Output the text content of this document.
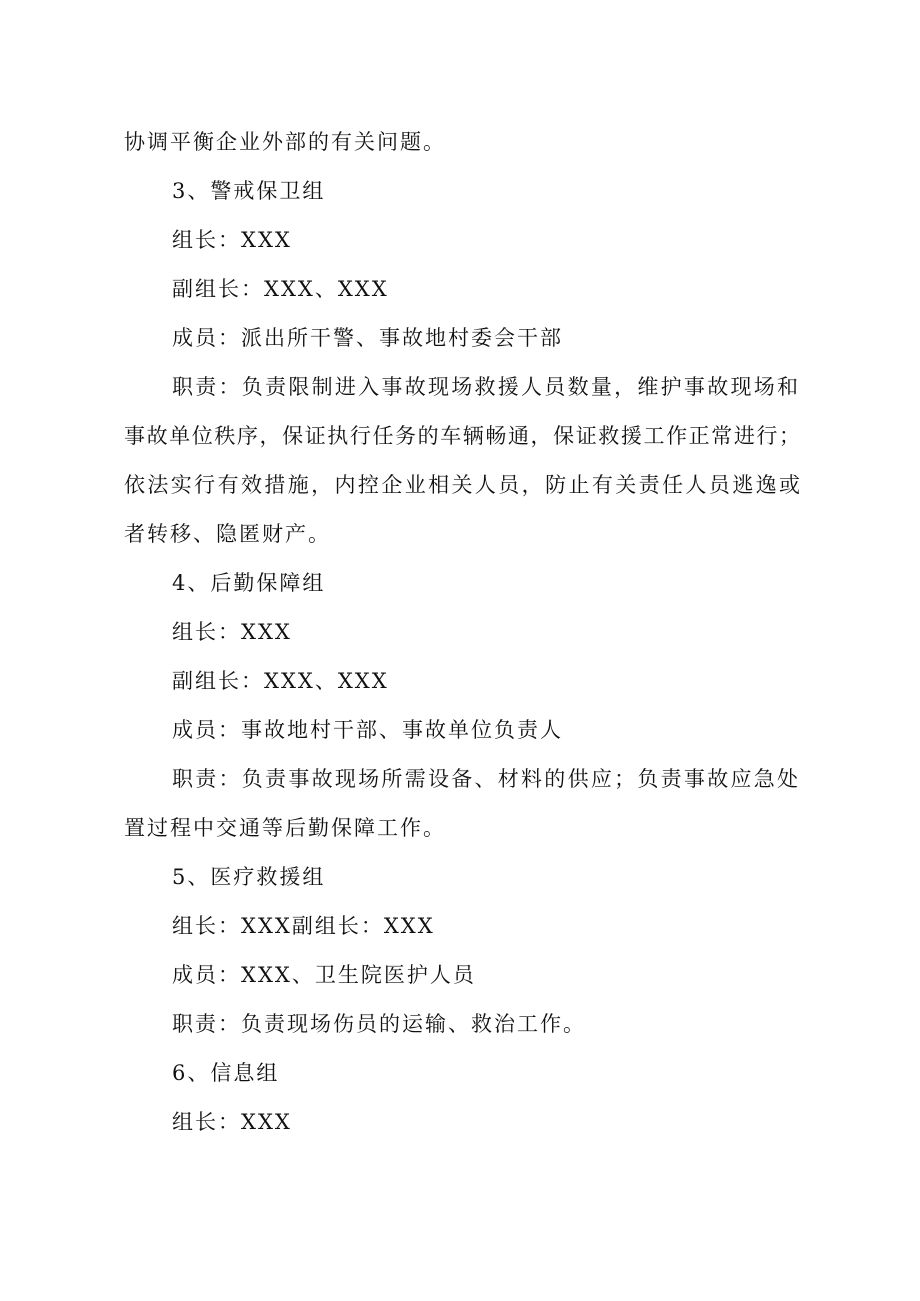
协调平衡企业外部的有关问题。
3、警戒保卫组
组长：XXX
副组长：XXX、XXX
成员：派出所干警、事故地村委会干部
职责：负责限制进入事故现场救援人员数量，维护事故现场和
事故单位秩序，保证执行任务的车辆畅通，保证救援工作正常进行；
依法实行有效措施，内控企业相关人员，防止有关责任人员逃逸或
者转移、隐匿财产。
4、后勤保障组
组长：XXX
副组长：XXX、XXX
成员：事故地村干部、事故单位负责人
职责：负责事故现场所需设备、材料的供应；负责事故应急处
置过程中交通等后勤保障工作。
5、医疗救援组
组长：XXX副组长：XXX
成员：XXX、卫生院医护人员
职责：负责现场伤员的运输、救治工作。
6、信息组
组长：XXX
